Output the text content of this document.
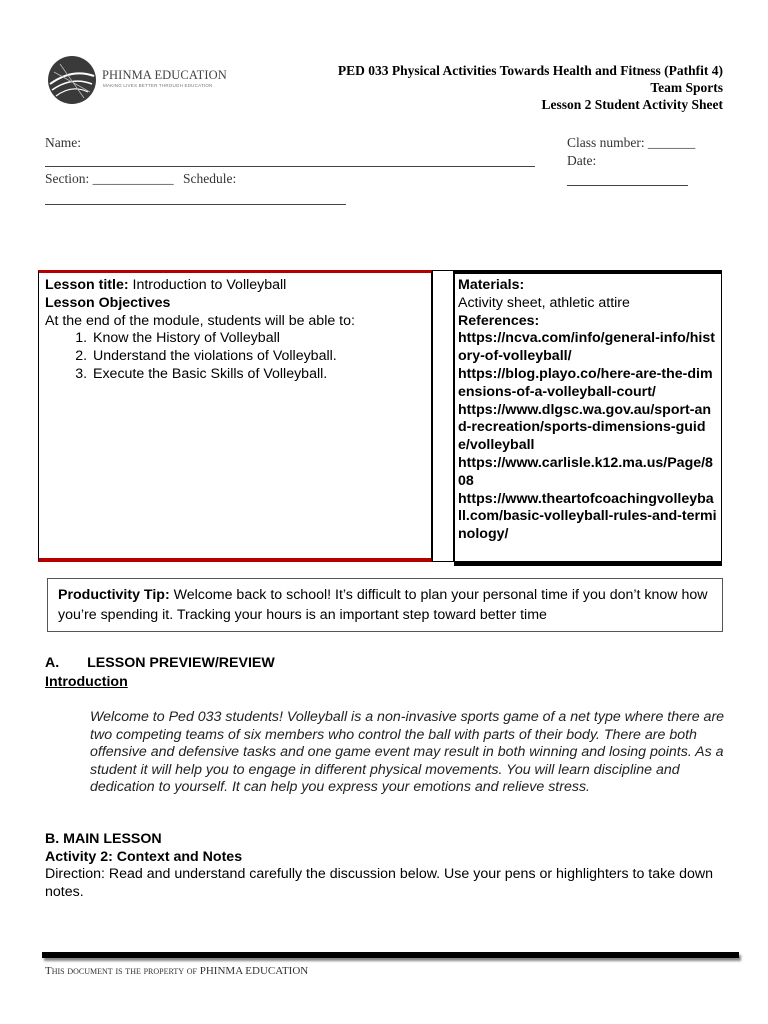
PHINMA EDUCATION
MAKING LIVES BETTER THROUGH EDUCATION
PED 033 Physical Activities Towards Health and Fitness (Pathfit 4)
Team Sports
Lesson 2 Student Activity Sheet
Name:	Class number: _______
Date:
Section: ____________ Schedule:
Lesson title: Introduction to Volleyball
Lesson Objectives
At the end of the module, students will be able to:
1. Know the History of Volleyball
2. Understand the violations of Volleyball.
3. Execute the Basic Skills of Volleyball.
Materials:
Activity sheet, athletic attire
References:
https://ncva.com/info/general-info/history-of-volleyball/
https://blog.playo.co/here-are-the-dimensions-of-a-volleyball-court/
https://www.dlgsc.wa.gov.au/sport-and-recreation/sports-dimensions-guide/volleyball
https://www.carlisle.k12.ma.us/Page/808
https://www.theartofcoachingvolleyball.com/basic-volleyball-rules-and-terminology/
Productivity Tip: Welcome back to school! It’s difficult to plan your personal time if you don’t know how you’re spending it. Tracking your hours is an important step toward better time
A. LESSON PREVIEW/REVIEW
Introduction
Welcome to Ped 033 students! Volleyball is a non-invasive sports game of a net type where there are two competing teams of six members who control the ball with parts of their body. There are both offensive and defensive tasks and one game event may result in both winning and losing points. As a student it will help you to engage in different physical movements. You will learn discipline and dedication to yourself. It can help you express your emotions and relieve stress.
B. MAIN LESSON
Activity 2: Context and Notes
Direction: Read and understand carefully the discussion below. Use your pens or highlighters to take down notes.
This document is the property of PHINMA EDUCATION
